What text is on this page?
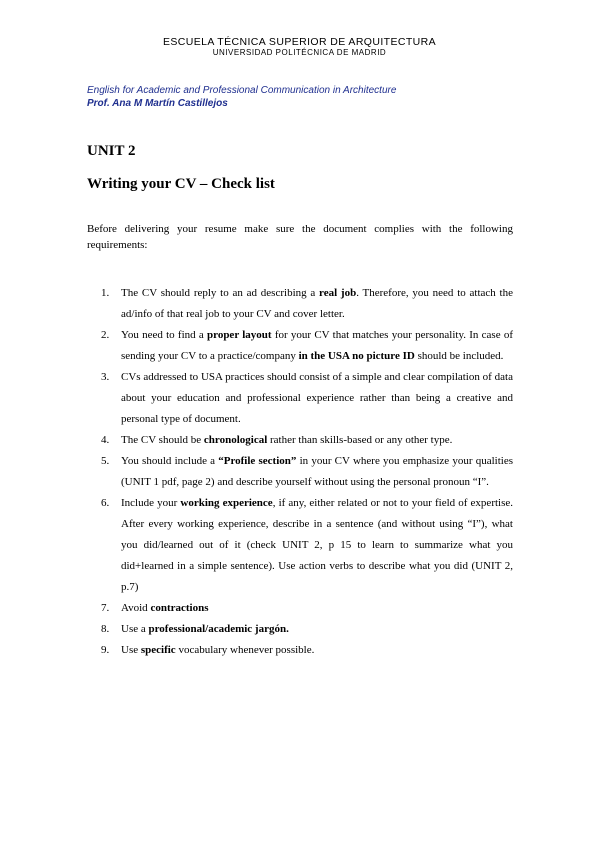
ESCUELA TÉCNICA SUPERIOR DE ARQUITECTURA
UNIVERSIDAD POLITÉCNICA DE MADRID
English for Academic and Professional Communication in Architecture
Prof. Ana M Martín Castillejos
UNIT 2
Writing your CV – Check list
Before delivering your resume make sure the document complies with the following requirements:
1. The CV should reply to an ad describing a real job. Therefore, you need to attach the ad/info of that real job to your CV and cover letter.
2. You need to find a proper layout for your CV that matches your personality. In case of sending your CV to a practice/company in the USA no picture ID should be included.
3. CVs addressed to USA practices should consist of a simple and clear compilation of data about your education and professional experience rather than being a creative and personal type of document.
4. The CV should be chronological rather than skills-based or any other type.
5. You should include a “Profile section” in your CV where you emphasize your qualities (UNIT 1 pdf, page 2) and describe yourself without using the personal pronoun “I”.
6. Include your working experience, if any, either related or not to your field of expertise. After every working experience, describe in a sentence (and without using “I”), what you did/learned out of it (check UNIT 2, p 15 to learn to summarize what you did+learned in a simple sentence). Use action verbs to describe what you did (UNIT 2, p.7)
7. Avoid contractions
8. Use a professional/academic jargón.
9. Use specific vocabulary whenever possible.
